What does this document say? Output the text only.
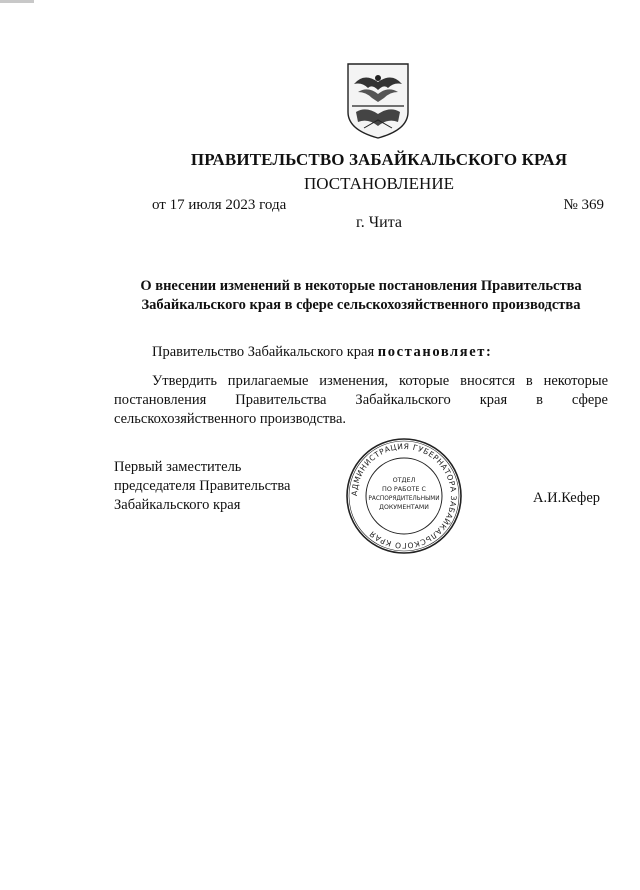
ПРАВИТЕЛЬСТВО ЗАБАЙКАЛЬСКОГО КРАЯ
ПОСТАНОВЛЕНИЕ
от 17 июля 2023 года	№ 369
г. Чита
О внесении изменений в некоторые постановления Правительства
Забайкальского края в сфере сельскохозяйственного производства
Правительство Забайкальского края постановляет:
Утвердить прилагаемые изменения, которые вносятся в некоторые
постановления Правительства Забайкальского края в сфере
сельскохозяйственного производства.
Первый заместитель
председателя Правительства
Забайкальского края
АДМИНИСТРАЦИЯ ГУБЕРНАТОРА ЗАБАЙКАЛЬСКОГО КРАЯ
ОТДЕЛ
ПО РАБОТЕ С
РАСПОРЯДИТЕЛЬНЫМИ
ДОКУМЕНТАМИ
А.И.Кефер
